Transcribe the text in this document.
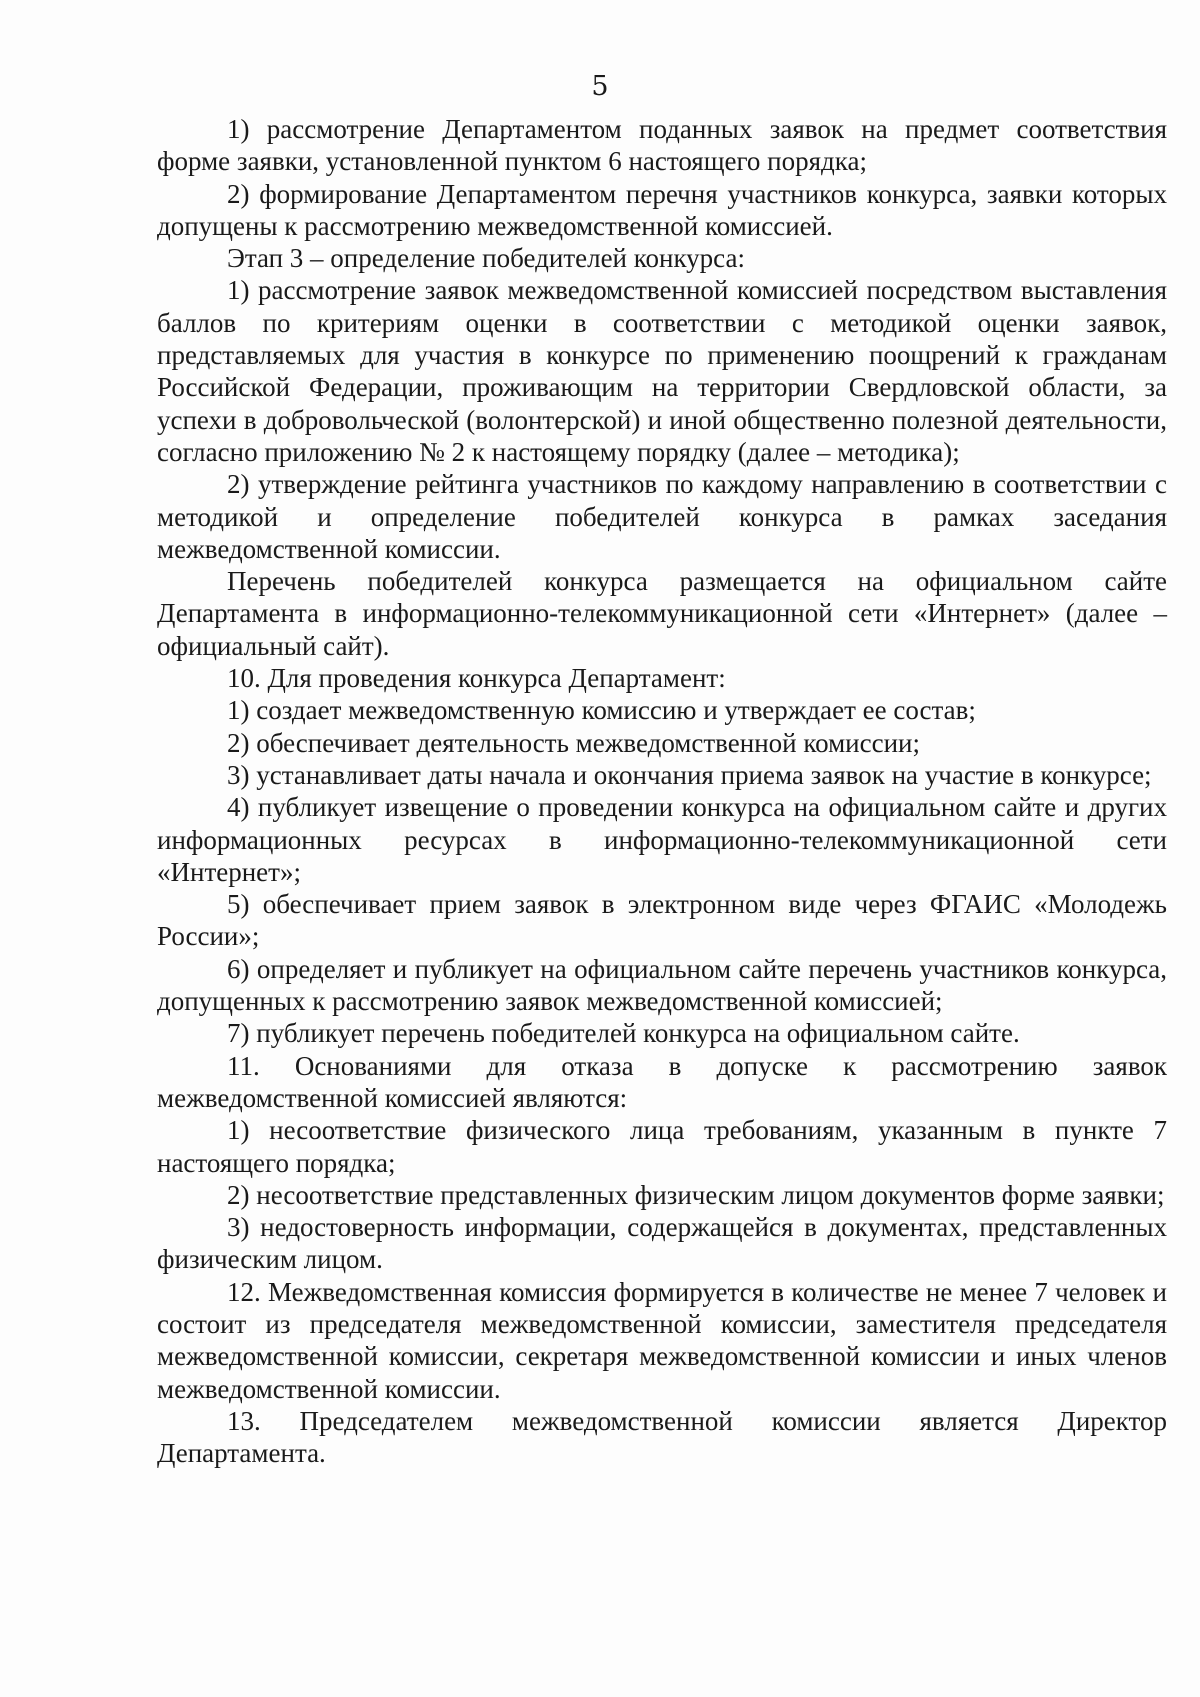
5

1) рассмотрение Департаментом поданных заявок на предмет соответствия форме заявки, установленной пунктом 6 настоящего порядка;

2) формирование Департаментом перечня участников конкурса, заявки которых допущены к рассмотрению межведомственной комиссией.

Этап 3 – определение победителей конкурса:

1) рассмотрение заявок межведомственной комиссией посредством выставления баллов по критериям оценки в соответствии с методикой оценки заявок, представляемых для участия в конкурсе по применению поощрений к гражданам Российской Федерации, проживающим на территории Свердловской области, за успехи в добровольческой (волонтерской) и иной общественно полезной деятельности, согласно приложению № 2 к настоящему порядку (далее – методика);

2) утверждение рейтинга участников по каждому направлению в соответствии с методикой и определение победителей конкурса в рамках заседания межведомственной комиссии.

Перечень победителей конкурса размещается на официальном сайте Департамента в информационно-телекоммуникационной сети «Интернет» (далее – официальный сайт).

10. Для проведения конкурса Департамент:

1) создает межведомственную комиссию и утверждает ее состав;

2) обеспечивает деятельность межведомственной комиссии;

3) устанавливает даты начала и окончания приема заявок на участие в конкурсе;

4) публикует извещение о проведении конкурса на официальном сайте и других информационных ресурсах в информационно-телекоммуникационной сети «Интернет»;

5) обеспечивает прием заявок в электронном виде через ФГАИС «Молодежь России»;

6) определяет и публикует на официальном сайте перечень участников конкурса, допущенных к рассмотрению заявок межведомственной комиссией;

7) публикует перечень победителей конкурса на официальном сайте.

11. Основаниями для отказа в допуске к рассмотрению заявок межведомственной комиссией являются:

1) несоответствие физического лица требованиям, указанным в пункте 7 настоящего порядка;

2) несоответствие представленных физическим лицом документов форме заявки;

3) недостоверность информации, содержащейся в документах, представленных физическим лицом.

12. Межведомственная комиссия формируется в количестве не менее 7 человек и состоит из председателя межведомственной комиссии, заместителя председателя межведомственной комиссии, секретаря межведомственной комиссии и иных членов межведомственной комиссии.

13. Председателем межведомственной комиссии является Директор Департамента.
